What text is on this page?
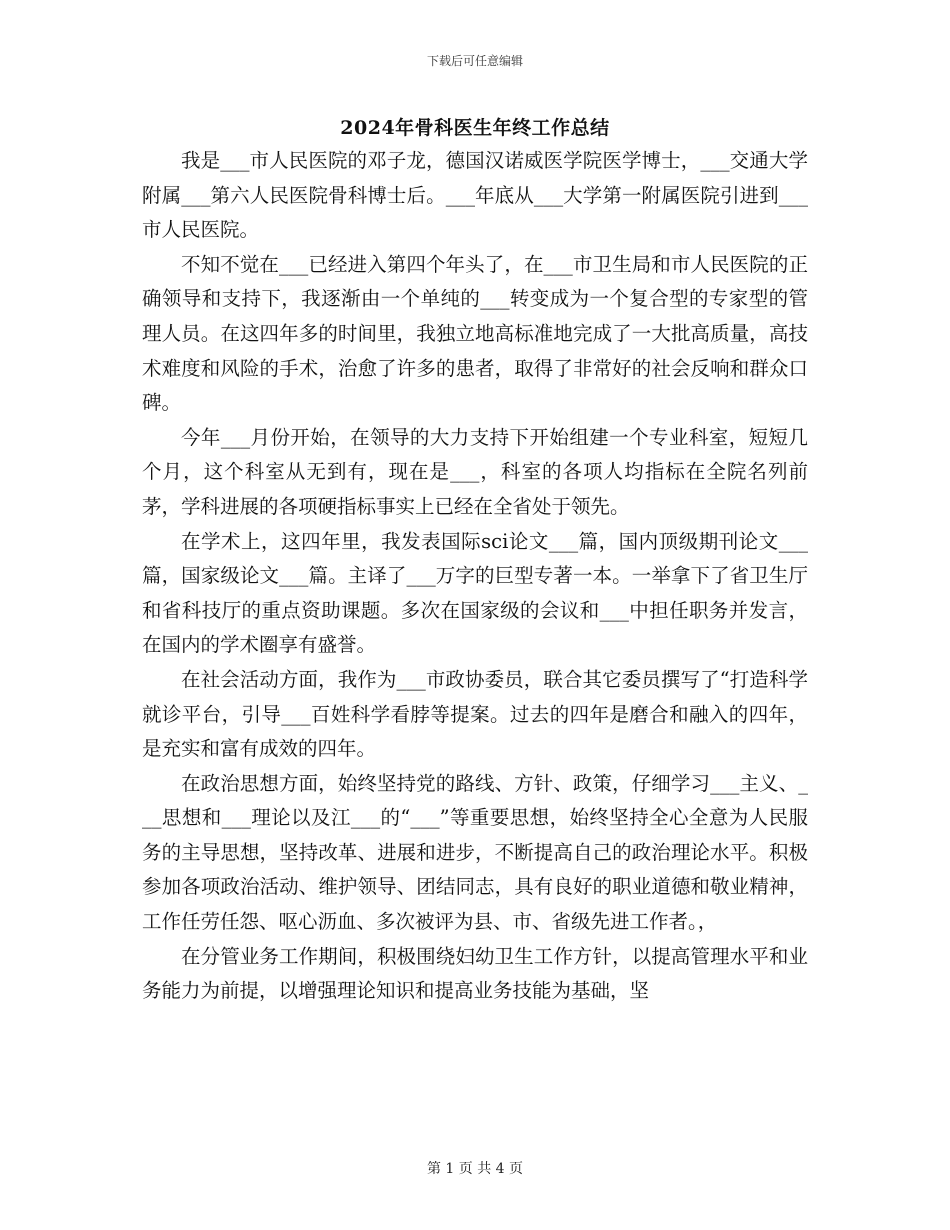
下载后可任意编辑
2024年骨科医生年终工作总结

我是___市人民医院的邓子龙，德国汉诺威医学院医学博士，___交通大学附属___第六人民医院骨科博士后。___年底从___大学第一附属医院引进到___市人民医院。

不知不觉在___已经进入第四个年头了，在___市卫生局和市人民医院的正确领导和支持下，我逐渐由一个单纯的___转变成为一个复合型的专家型的管理人员。在这四年多的时间里，我独立地高标准地完成了一大批高质量，高技术难度和风险的手术，治愈了许多的患者，取得了非常好的社会反响和群众口碑。

今年___月份开始，在领导的大力支持下开始组建一个专业科室，短短几个月，这个科室从无到有，现在是___，科室的各项人均指标在全院名列前茅，学科进展的各项硬指标事实上已经在全省处于领先。

在学术上，这四年里，我发表国际sci论文___篇，国内顶级期刊论文___篇，国家级论文___篇。主译了___万字的巨型专著一本。一举拿下了省卫生厅和省科技厅的重点资助课题。多次在国家级的会议和___中担任职务并发言，在国内的学术圈享有盛誉。

在社会活动方面，我作为___市政协委员，联合其它委员撰写了“打造科学就诊平台，引导___百姓科学看脖等提案。过去的四年是磨合和融入的四年，是充实和富有成效的四年。

在政治思想方面，始终坚持党的路线、方针、政策，仔细学习___主义、___思想和___理论以及江___的“___”等重要思想，始终坚持全心全意为人民服务的主导思想，坚持改革、进展和进步，不断提高自己的政治理论水平。积极参加各项政治活动、维护领导、团结同志，具有良好的职业道德和敬业精神，工作任劳任怨、呕心沥血、多次被评为县、市、省级先进工作者。，

在分管业务工作期间，积极围绕妇幼卫生工作方针，以提高管理水平和业务能力为前提，以增强理论知识和提高业务技能为基础，坚

第 1 页 共 4 页
